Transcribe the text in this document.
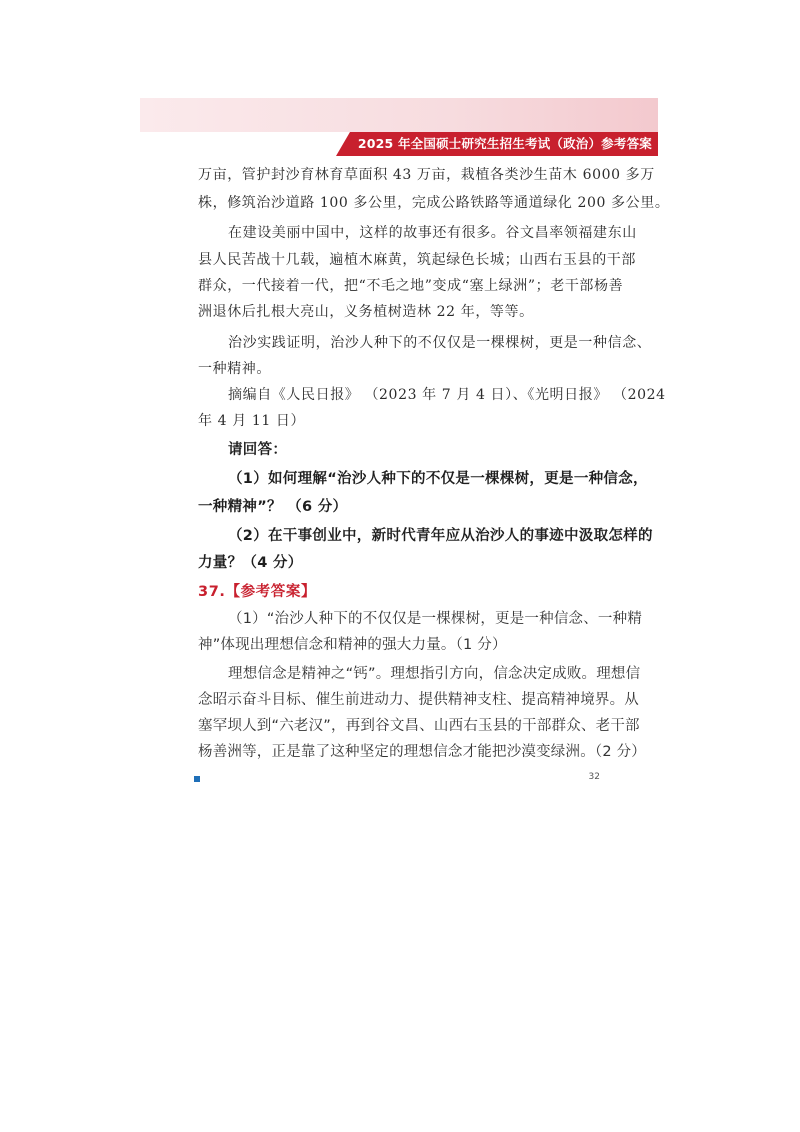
2025 年全国硕士研究生招生考试（政治）参考答案
万亩，管护封沙育林育草面积 43 万亩，栽植各类沙生苗木 6000 多万
株，修筑治沙道路 100 多公里，完成公路铁路等通道绿化 200 多公里。
在建设美丽中国中，这样的故事还有很多。谷文昌率领福建东山
县人民苦战十几载，遍植木麻黄，筑起绿色长城；山西右玉县的干部
群众，一代接着一代，把“不毛之地”变成“塞上绿洲”；老干部杨善
洲退休后扎根大亮山，义务植树造林 22 年，等等。
治沙实践证明，治沙人种下的不仅仅是一棵棵树，更是一种信念、
一种精神。
摘编自《人民日报》 （2023 年 7 月 4 日）、《光明日报》 （2024
年 4 月 11 日）
请回答：
（1）如何理解“治沙人种下的不仅是一棵棵树，更是一种信念，
一种精神”？ （6 分）
（2）在干事创业中，新时代青年应从治沙人的事迹中汲取怎样的
力量？（4 分）
37.【参考答案】
（1）“治沙人种下的不仅仅是一棵棵树，更是一种信念、一种精
神”体现出理想信念和精神的强大力量。（1 分）
理想信念是精神之“钙”。理想指引方向，信念决定成败。理想信
念昭示奋斗目标、催生前进动力、提供精神支柱、提高精神境界。从
塞罕坝人到“六老汉”，再到谷文昌、山西右玉县的干部群众、老干部
杨善洲等，正是靠了这种坚定的理想信念才能把沙漠变绿洲。（2 分）
32
